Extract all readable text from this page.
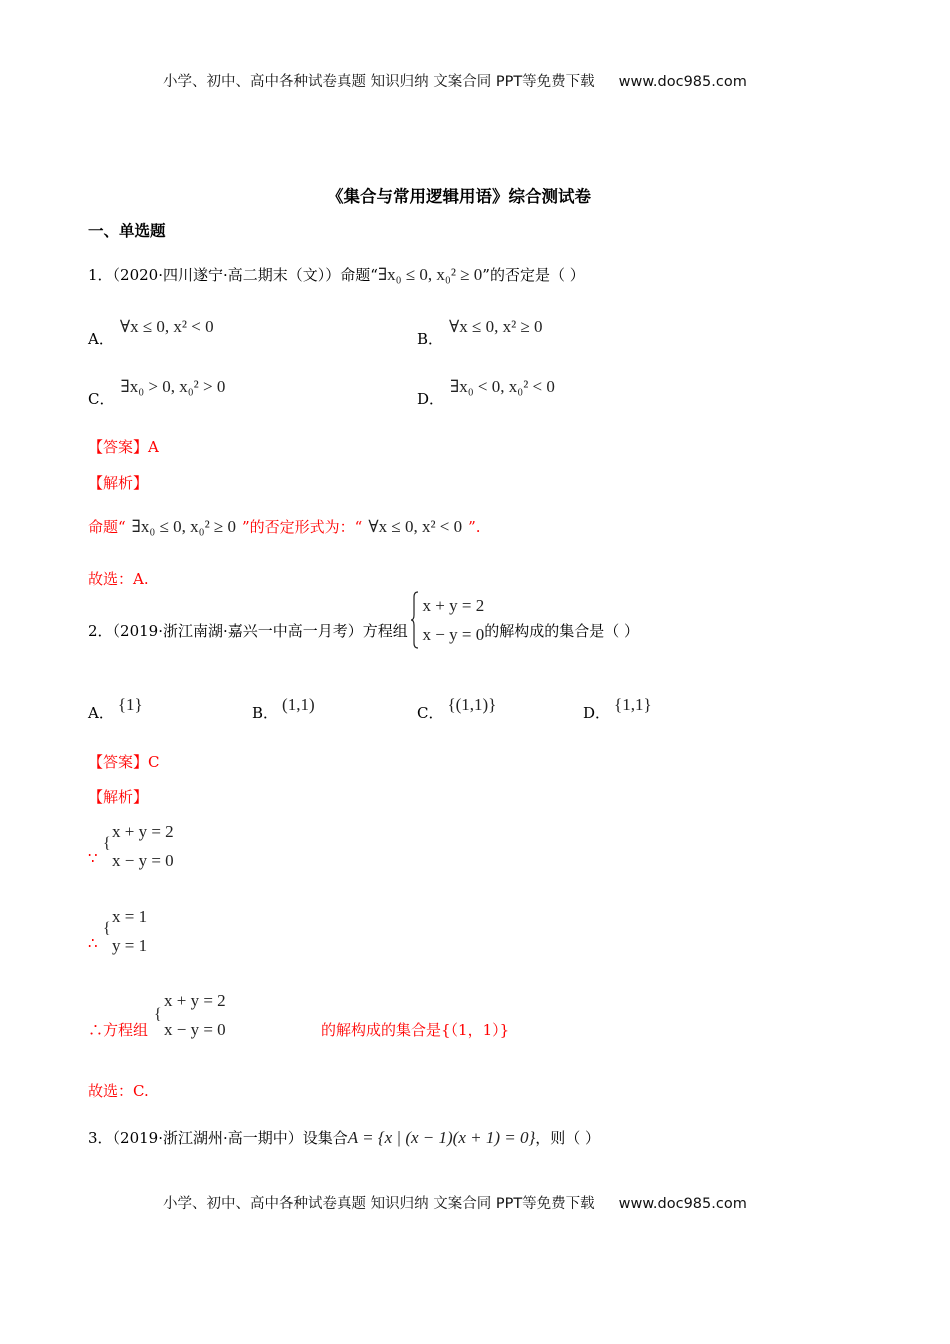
小学、初中、高中各种试卷真题 知识归纳 文案合同 PPT等免费下载 www.doc985.com
《集合与常用逻辑用语》综合测试卷
一、单选题
1．（2020·四川遂宁·高二期末（文））命题“∃x₀ ≤ 0, x₀² ≥ 0”的否定是（ ）
A．∀x ≤ 0, x² < 0
B．∀x ≤ 0, x² ≥ 0
C．∃x₀ > 0, x₀² > 0
D．∃x₀ < 0, x₀² < 0
【答案】A
【解析】
命题“ ∃x₀ ≤ 0, x₀² ≥ 0 ”的否定形式为：“ ∀x ≤ 0, x² < 0 ”.
故选：A.
2．（2019·浙江南湖·嘉兴一中高一月考）方程组
x + y = 2
x − y = 0 的解构成的集合是（ ）
A． {1}	B． (1,1)	C． {(1,1)}	D． {1,1}
【答案】C
【解析】
∵
{
x + y = 2
x − y = 0
∴
{
x = 1
y = 1
∴方程组
{
x + y = 2
x − y = 0	的解构成的集合是{（1，1）}
故选：C.
3．（2019·浙江湖州·高一期中）设集合A = {x | (x − 1)(x + 1) = 0}，则（ ）
小学、初中、高中各种试卷真题 知识归纳 文案合同 PPT等免费下载 www.doc985.com
